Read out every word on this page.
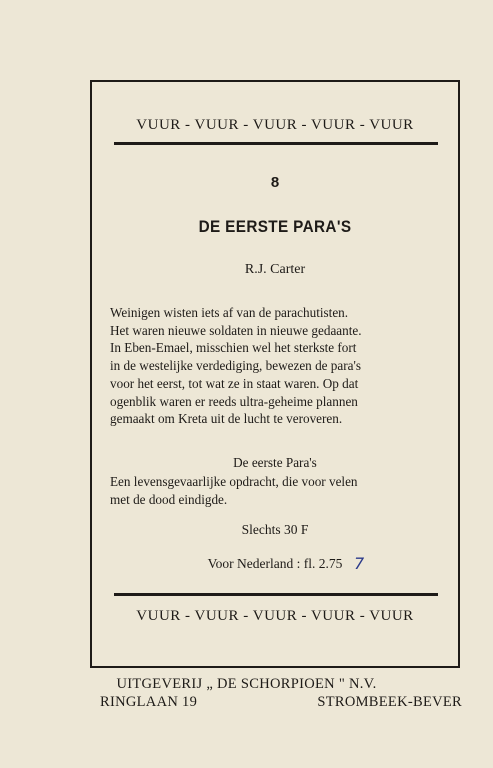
VUUR - VUUR - VUUR - VUUR - VUUR
8
DE EERSTE PARA'S
R.J. Carter
Weinigen wisten iets af van de parachutisten.
Het waren nieuwe soldaten in nieuwe gedaante.
In Eben-Emael, misschien wel het sterkste fort
in de westelijke verdediging, bewezen de para's
voor het eerst, tot wat ze in staat waren. Op dat
ogenblik waren er reeds ultra-geheime plannen
gemaakt om Kreta uit de lucht te veroveren.
De eerste Para's
Een levensgevaarlijke opdracht, die voor velen
met de dood eindigde.
Slechts 30 F
Voor Nederland : fl. 2.75 7
VUUR - VUUR - VUUR - VUUR - VUUR
UITGEVERIJ „ DE SCHORPIOEN " N.V.
RINGLAAN 19	STROMBEEK-BEVER
